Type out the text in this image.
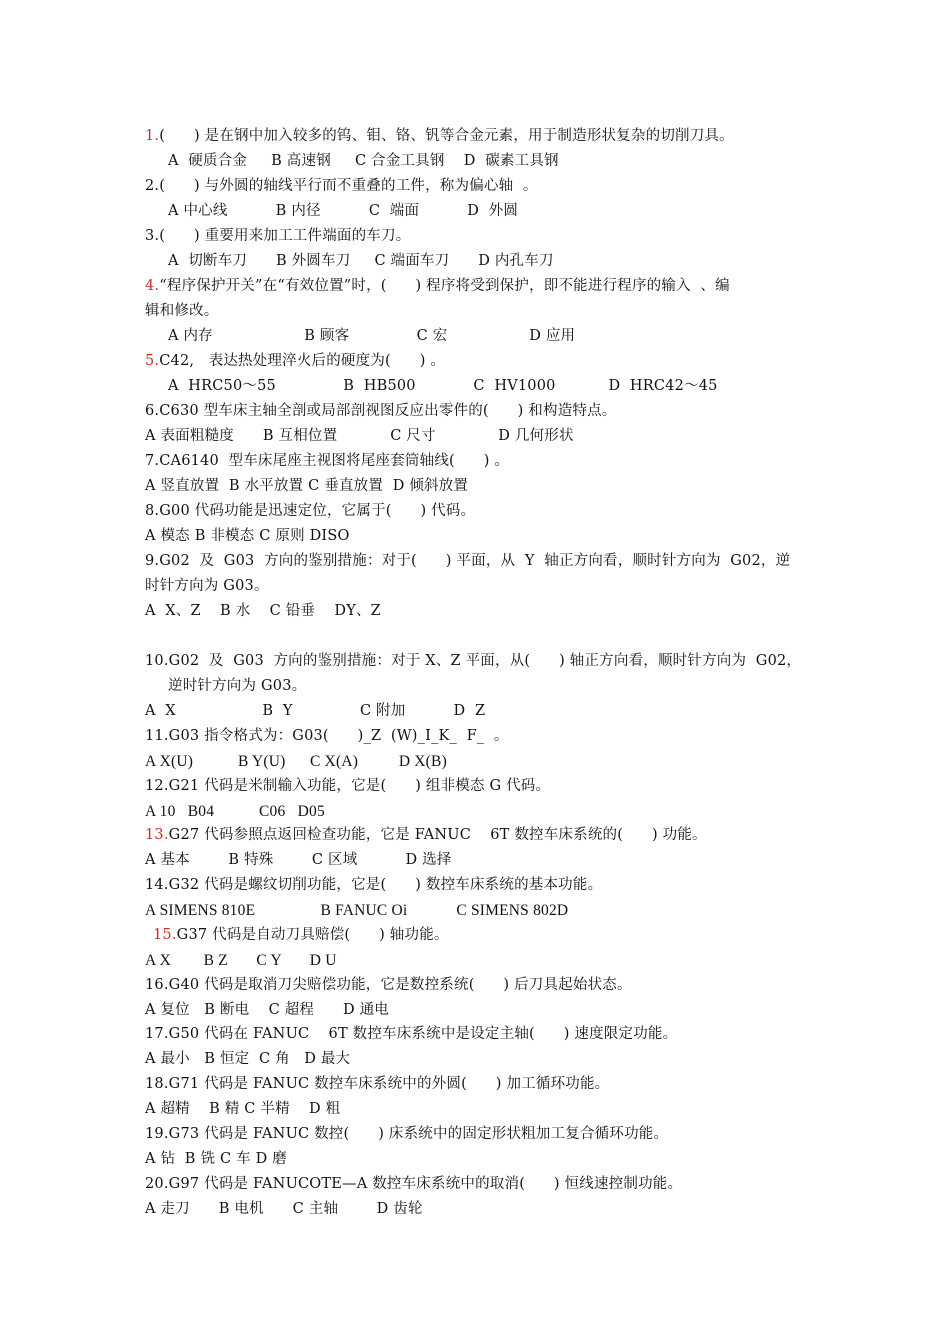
1.(      ) 是在钢中加入较多的钨、钼、铬、钒等合金元素，用于制造形状复杂的切削刀具。
A  硬质合金     B 高速钢     C 合金工具钢    D  碳素工具钢
2.(      ) 与外圆的轴线平行而不重叠的工件，称为偏心轴  。
A 中心线          B 内径          C  端面          D  外圆
3.(      ) 重要用来加工工件端面的车刀。
A  切断车刀      B 外圆车刀     C 端面车刀      D 内孔车刀
4.“程序保护开关”在“有效位置”时，(      ) 程序将受到保护，即不能进行程序的输入  、编
辑和修改。
A 内存                   B 顾客              C 宏                 D 应用
5.C42,   表达热处理淬火后的硬度为(      ) 。
A  HRC50～55              B  HB500            C  HV1000           D  HRC42～45
6.C630 型车床主轴全剖或局部剖视图反应出零件的(      ) 和构造特点。
A 表面粗糙度      B 互相位置           C 尺寸             D 几何形状
7.CA6140  型车床尾座主视图将尾座套筒轴线(      ) 。
A 竖直放置  B 水平放置 C 垂直放置  D 倾斜放置
8.G00 代码功能是迅速定位，它属于(      ) 代码。
A 模态 B 非模态 C 原则 DISO
9.G02  及  G03  方向的鉴别措施：对于(      ) 平面，从  Y  轴正方向看，顺时针方向为  G02，逆
时针方向为 G03。
A  X、Z    B 水    C 铅垂    DY、Z
10.G02  及  G03  方向的鉴别措施：对于 X、Z 平面，从(      ) 轴正方向看，顺时针方向为  G02，
逆时针方向为 G03。
A  X                  B  Y              C 附加          D  Z
11.G03 指令格式为：G03(      )_Z  (W)_I_K_  F_  。
A X(U)           B Y(U)      C X(A)          D X(B)
12.G21 代码是米制输入功能，它是(      ) 组非模态 G 代码。
A 10   B04           C06   D05
13.G27 代码参照点返回检查功能，它是 FANUC    6T 数控车床系统的(      ) 功能。
A 基本        B 特殊        C 区域          D 选择
14.G32 代码是螺纹切削功能，它是(      ) 数控车床系统的基本功能。
A SIMENS 810E                B FANUC Oi            C SIMENS 802D
15.G37 代码是自动刀具赔偿(      ) 轴功能。
A X        B Z       C Y       D U
16.G40 代码是取消刀尖赔偿功能，它是数控系统(      ) 后刀具起始状态。
A 复位   B 断电    C 超程      D 通电
17.G50 代码在 FANUC    6T 数控车床系统中是设定主轴(      ) 速度限定功能。
A 最小   B 恒定  C 角   D 最大
18.G71 代码是 FANUC 数控车床系统中的外圆(      ) 加工循环功能。
A 超精    B 精 C 半精    D 粗
19.G73 代码是 FANUC 数控(      ) 床系统中的固定形状粗加工复合循环功能。
A 钻  B 铣 C 车 D 磨
20.G97 代码是 FANUCOTE—A 数控车床系统中的取消(      ) 恒线速控制功能。
A 走刀      B 电机      C 主轴        D 齿轮
